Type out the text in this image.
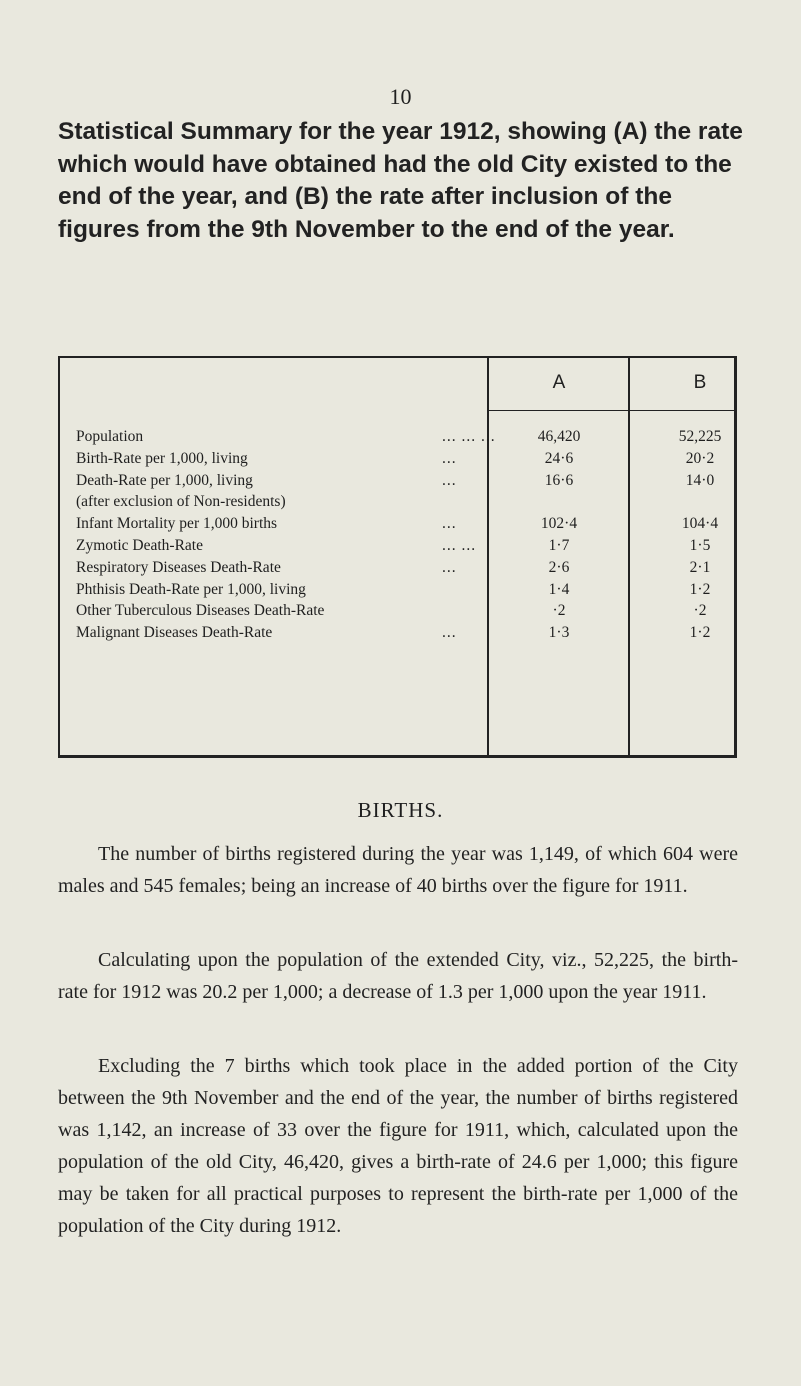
10
Statistical Summary for the year 1912, showing (A) the rate which would have obtained had the old City existed to the end of the year, and (B) the rate after inclusion of the figures from the 9th November to the end of the year.
A	B
Population	... ... ...	46,420	52,225
Birth-Rate per 1,000, living	...	24·6	20·2
Death-Rate per 1,000, living	...	16·6	14·0
(after exclusion of Non-residents)
Infant Mortality per 1,000 births	...	102·4	104·4
Zymotic Death-Rate	... ...	1·7	1·5
Respiratory Diseases Death-Rate	...	2·6	2·1
Phthisis Death-Rate per 1,000, living	1·4	1·2
Other Tuberculous Diseases Death-Rate	·2	·2
Malignant Diseases Death-Rate	...	1·3	1·2
BIRTHS.

The number of births registered during the year was 1,149, of which 604 were males and 545 females; being an increase of 40 births over the figure for 1911.

Calculating upon the population of the extended City, viz., 52,225, the birth-rate for 1912 was 20.2 per 1,000; a decrease of 1.3 per 1,000 upon the year 1911.

Excluding the 7 births which took place in the added portion of the City between the 9th November and the end of the year, the number of births registered was 1,142, an increase of 33 over the figure for 1911, which, calculated upon the population of the old City, 46,420, gives a birth-rate of 24.6 per 1,000; this figure may be taken for all practical purposes to represent the birth-rate per 1,000 of the population of the City during 1912.
